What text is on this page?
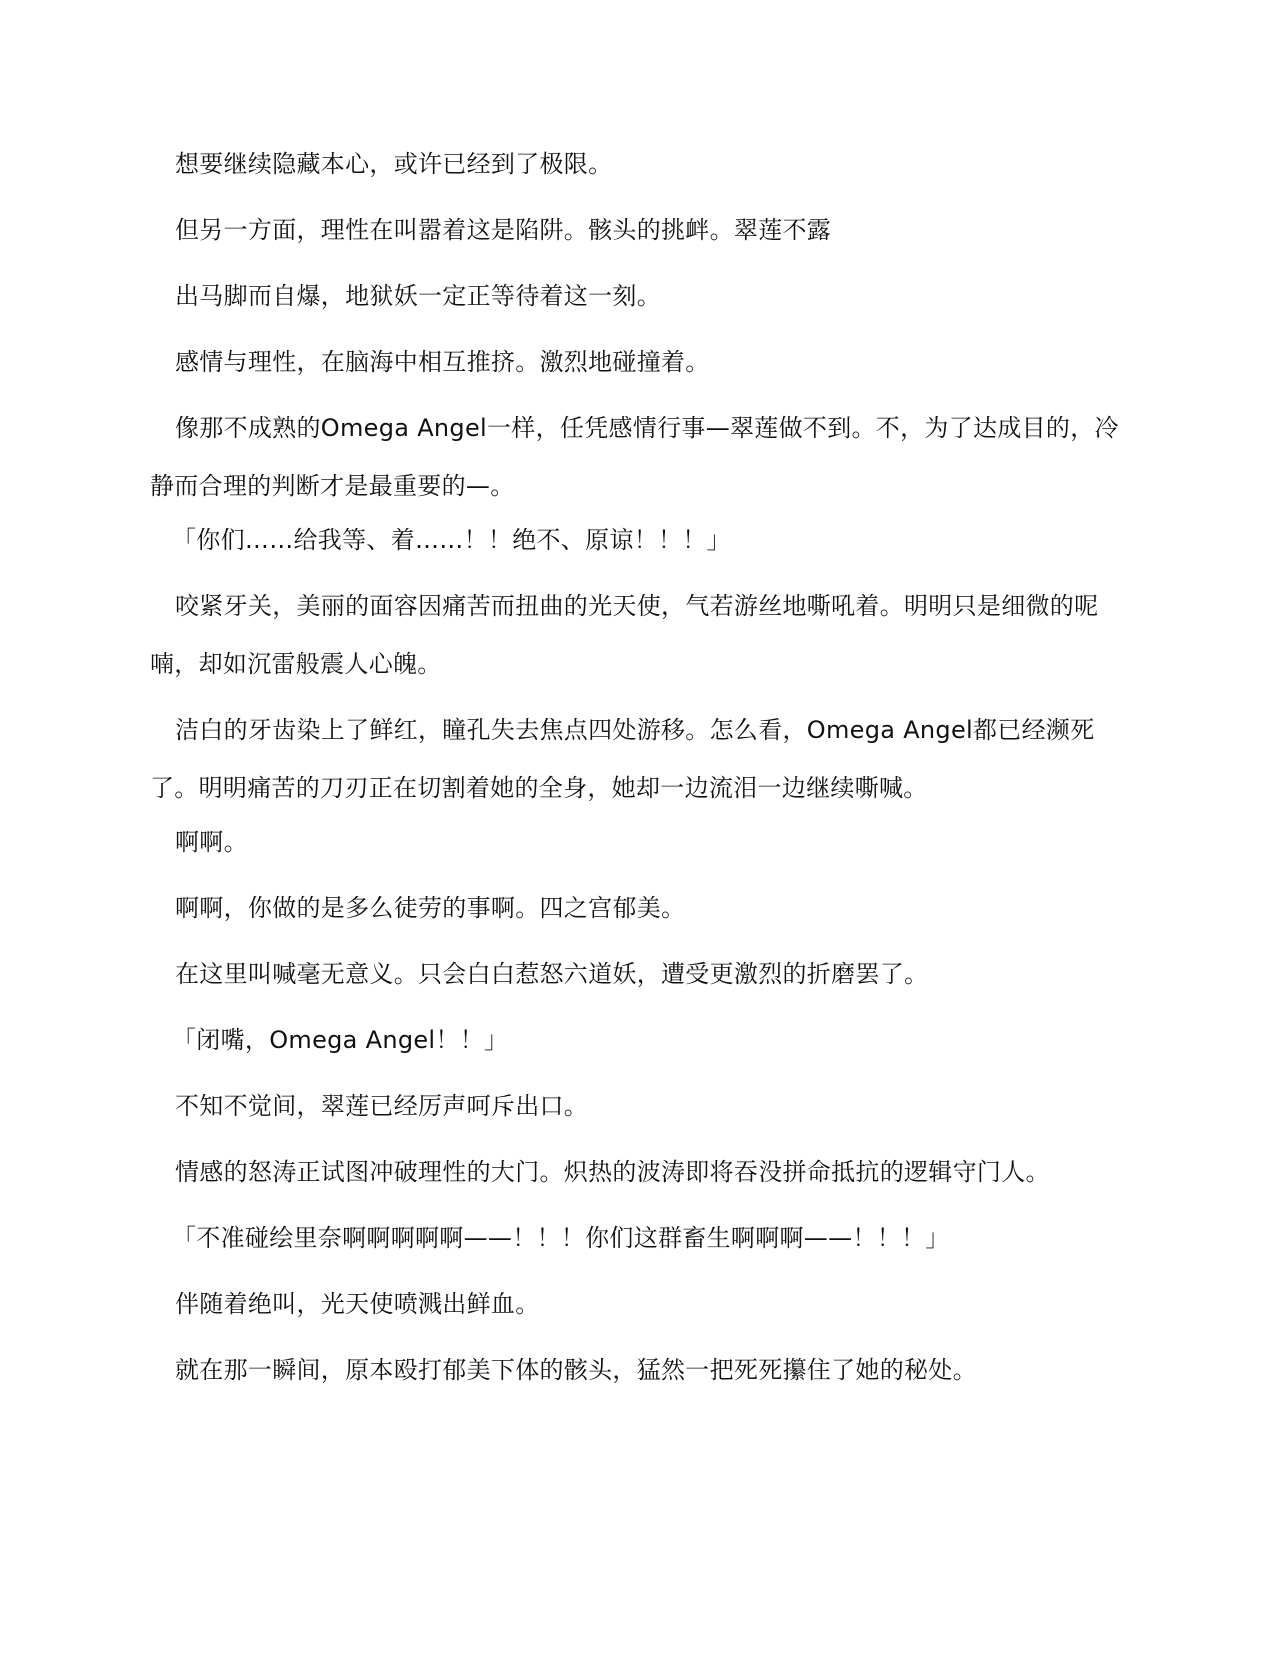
想要继续隐藏本心，或许已经到了极限。

但另一方面，理性在叫嚣着这是陷阱。骸头的挑衅。翠莲不露

出马脚而自爆，地狱妖一定正等待着这一刻。

感情与理性，在脑海中相互推挤。激烈地碰撞着。

像那不成熟的Omega Angel一样，任凭感情行事—翠莲做不到。不，为了达成目的，冷静而合理的判断才是最重要的—。

「你们……给我等、着……！！绝不、原谅！！！」

咬紧牙关，美丽的面容因痛苦而扭曲的光天使，气若游丝地嘶吼着。明明只是细微的呢喃，却如沉雷般震人心魄。

洁白的牙齿染上了鲜红，瞳孔失去焦点四处游移。怎么看，Omega Angel都已经濒死了。明明痛苦的刀刃正在切割着她的全身，她却一边流泪一边继续嘶喊。

啊啊。

啊啊，你做的是多么徒劳的事啊。四之宫郁美。

在这里叫喊毫无意义。只会白白惹怒六道妖，遭受更激烈的折磨罢了。

「闭嘴，Omega Angel！！」

不知不觉间，翠莲已经厉声呵斥出口。

情感的怒涛正试图冲破理性的大门。炽热的波涛即将吞没拼命抵抗的逻辑守门人。

「不准碰绘里奈啊啊啊啊啊——！！！你们这群畜生啊啊啊——！！！」

伴随着绝叫，光天使喷溅出鲜血。

就在那一瞬间，原本殴打郁美下体的骸头，猛然一把死死攥住了她的秘处。
